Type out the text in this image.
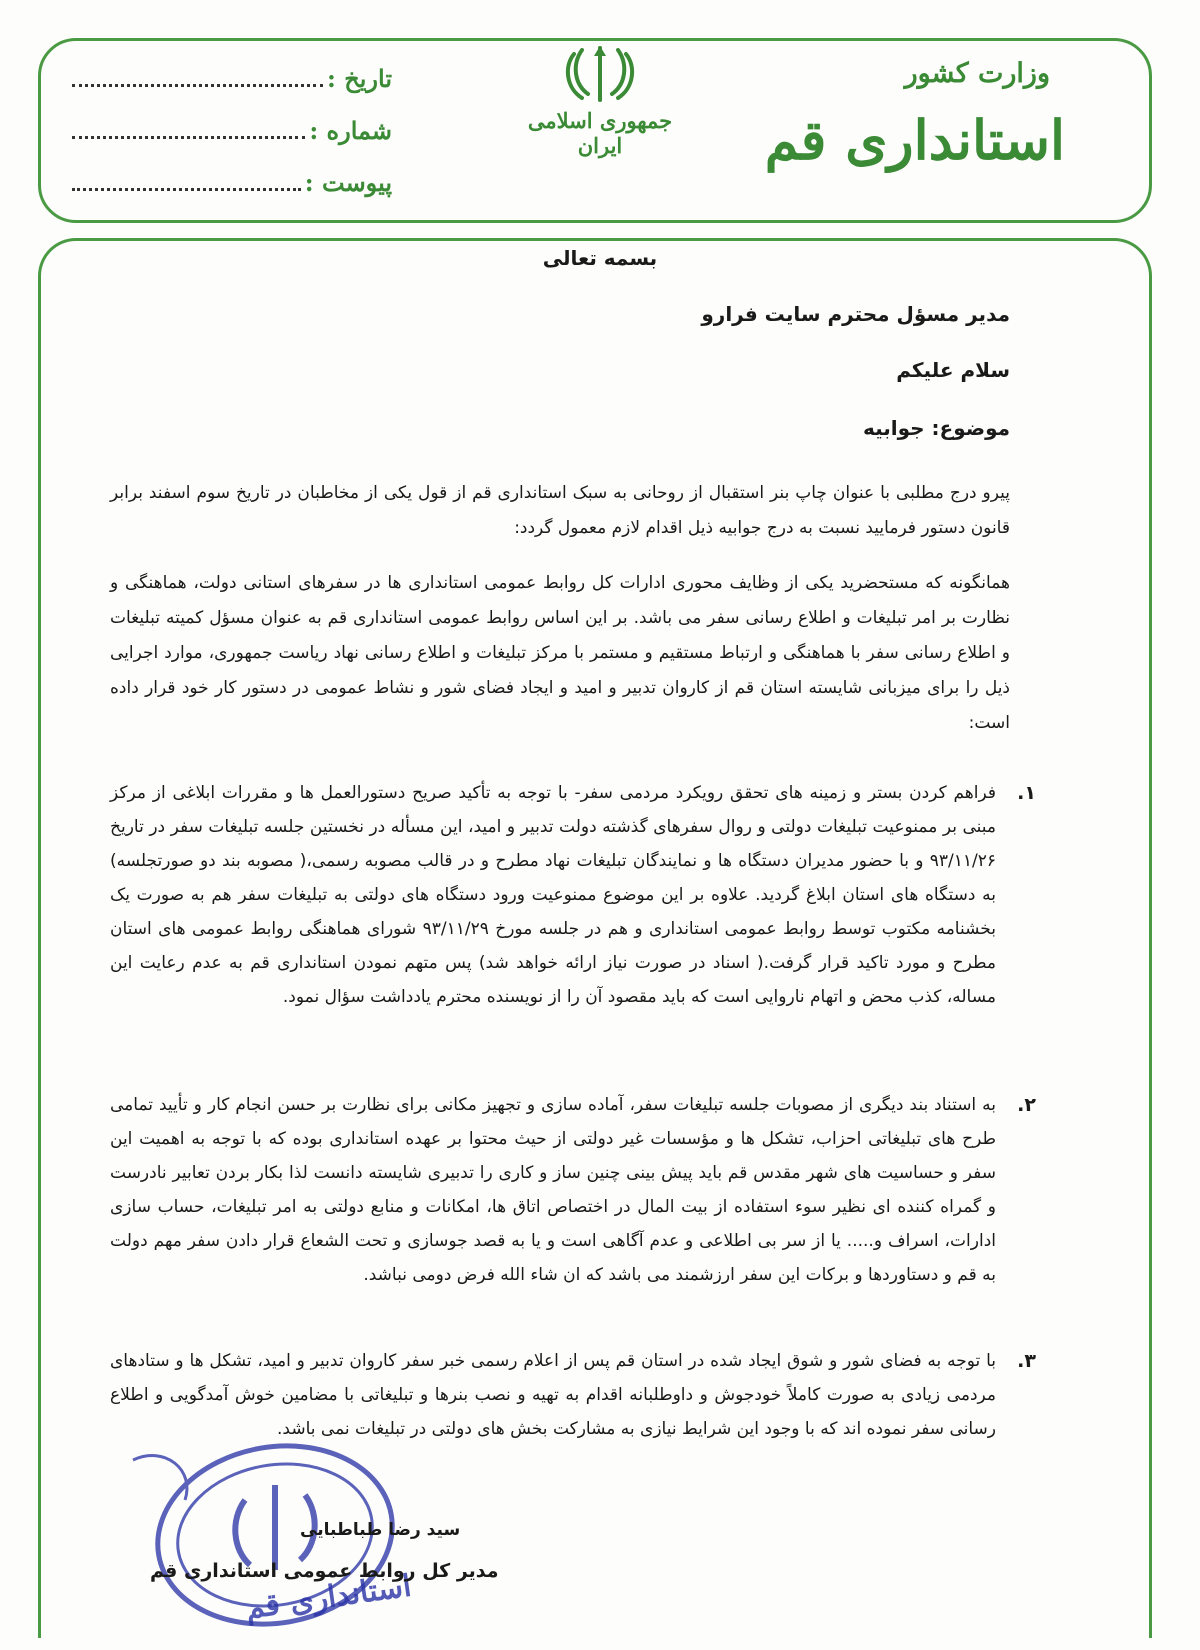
وزارت کشور
استانداری قم
جمهوری اسلامی ایران
تاریخ :
شماره :
پیوست :
بسمه تعالی
مدیر مسؤل محترم سایت فرارو
سلام علیکم
موضوع: جوابیه
پیرو درج مطلبی با عنوان چاپ بنر استقبال از روحانی به سبک استانداری قم از قول یکی از مخاطبان در تاریخ سوم اسفند برابر قانون دستور فرمایید نسبت به درج جوابیه ذیل اقدام لازم معمول گردد:
همانگونه که مستحضرید یکی از وظایف محوری ادارات کل روابط عمومی استانداری ها در سفرهای استانی دولت، هماهنگی و نظارت بر امر تبلیغات و اطلاع رسانی سفر می باشد. بر این اساس روابط عمومی استانداری قم به عنوان مسؤل کمیته تبلیغات و اطلاع رسانی سفر با هماهنگی و ارتباط مستقیم و مستمر با مرکز تبلیغات و اطلاع رسانی نهاد ریاست جمهوری، موارد اجرایی ذیل را برای میزبانی شایسته استان قم از کاروان تدبیر و امید و ایجاد فضای شور و نشاط عمومی در دستور کار خود قرار داده است:
۱.
فراهم کردن بستر و زمینه های تحقق رویکرد مردمی سفر- با توجه به تأکید صریح دستورالعمل ها و مقررات ابلاغی از مرکز مبنی بر ممنوعیت تبلیغات دولتی و روال سفرهای گذشته دولت تدبیر و امید، این مسأله در نخستین جلسه تبلیغات سفر در تاریخ ۹۳/۱۱/۲۶ و با حضور مدیران دستگاه ها و نمایندگان تبلیغات نهاد مطرح و در قالب مصوبه رسمی،( مصوبه بند دو صورتجلسه) به دستگاه های استان ابلاغ گردید. علاوه بر این موضوع ممنوعیت ورود دستگاه های دولتی به تبلیغات سفر هم به صورت یک بخشنامه مکتوب توسط روابط عمومی استانداری و هم در جلسه مورخ ۹۳/۱۱/۲۹ شورای هماهنگی روابط عمومی های استان مطرح و مورد تاکید قرار گرفت.( اسناد در صورت نیاز ارائه خواهد شد) پس متهم نمودن استانداری قم به عدم رعایت این مساله، کذب محض و اتهام ناروایی است که باید مقصود آن را از نویسنده محترم یادداشت سؤال نمود.
۲.
به استناد بند دیگری از مصوبات جلسه تبلیغات سفر، آماده سازی و تجهیز مکانی برای نظارت بر حسن انجام کار و تأیید تمامی طرح های تبلیغاتی احزاب، تشکل ها و مؤسسات غیر دولتی از حیث محتوا بر عهده استانداری بوده که با توجه به اهمیت این سفر و حساسیت های شهر مقدس قم باید پیش بینی چنین ساز و کاری را تدبیری شایسته دانست لذا بکار بردن تعابیر نادرست و گمراه کننده ای نظیر سوء استفاده از بیت المال در اختصاص اتاق ها، امکانات و منابع دولتی به امر تبلیغات، حساب سازی ادارات، اسراف و..... یا از سر بی اطلاعی و عدم آگاهی است و یا به قصد جوسازی و تحت الشعاع قرار دادن سفر مهم دولت به قم و دستاوردها و برکات این سفر ارزشمند می باشد که ان شاء الله فرض دومی نباشد.
۳.
با توجه به فضای شور و شوق ایجاد شده در استان قم پس از اعلام رسمی خبر سفر کاروان تدبیر و امید، تشکل ها و ستادهای مردمی زیادی به صورت کاملاً خودجوش و داوطلبانه اقدام به تهیه و نصب بنرها و تبلیغاتی با مضامین خوش آمدگویی و اطلاع رسانی سفر نموده اند که با وجود این شرایط نیازی به مشارکت بخش های دولتی در تبلیغات نمی باشد.
استانداری قم
سید رضا طباطبایی
مدیر کل روابط عمومی استانداری قم
